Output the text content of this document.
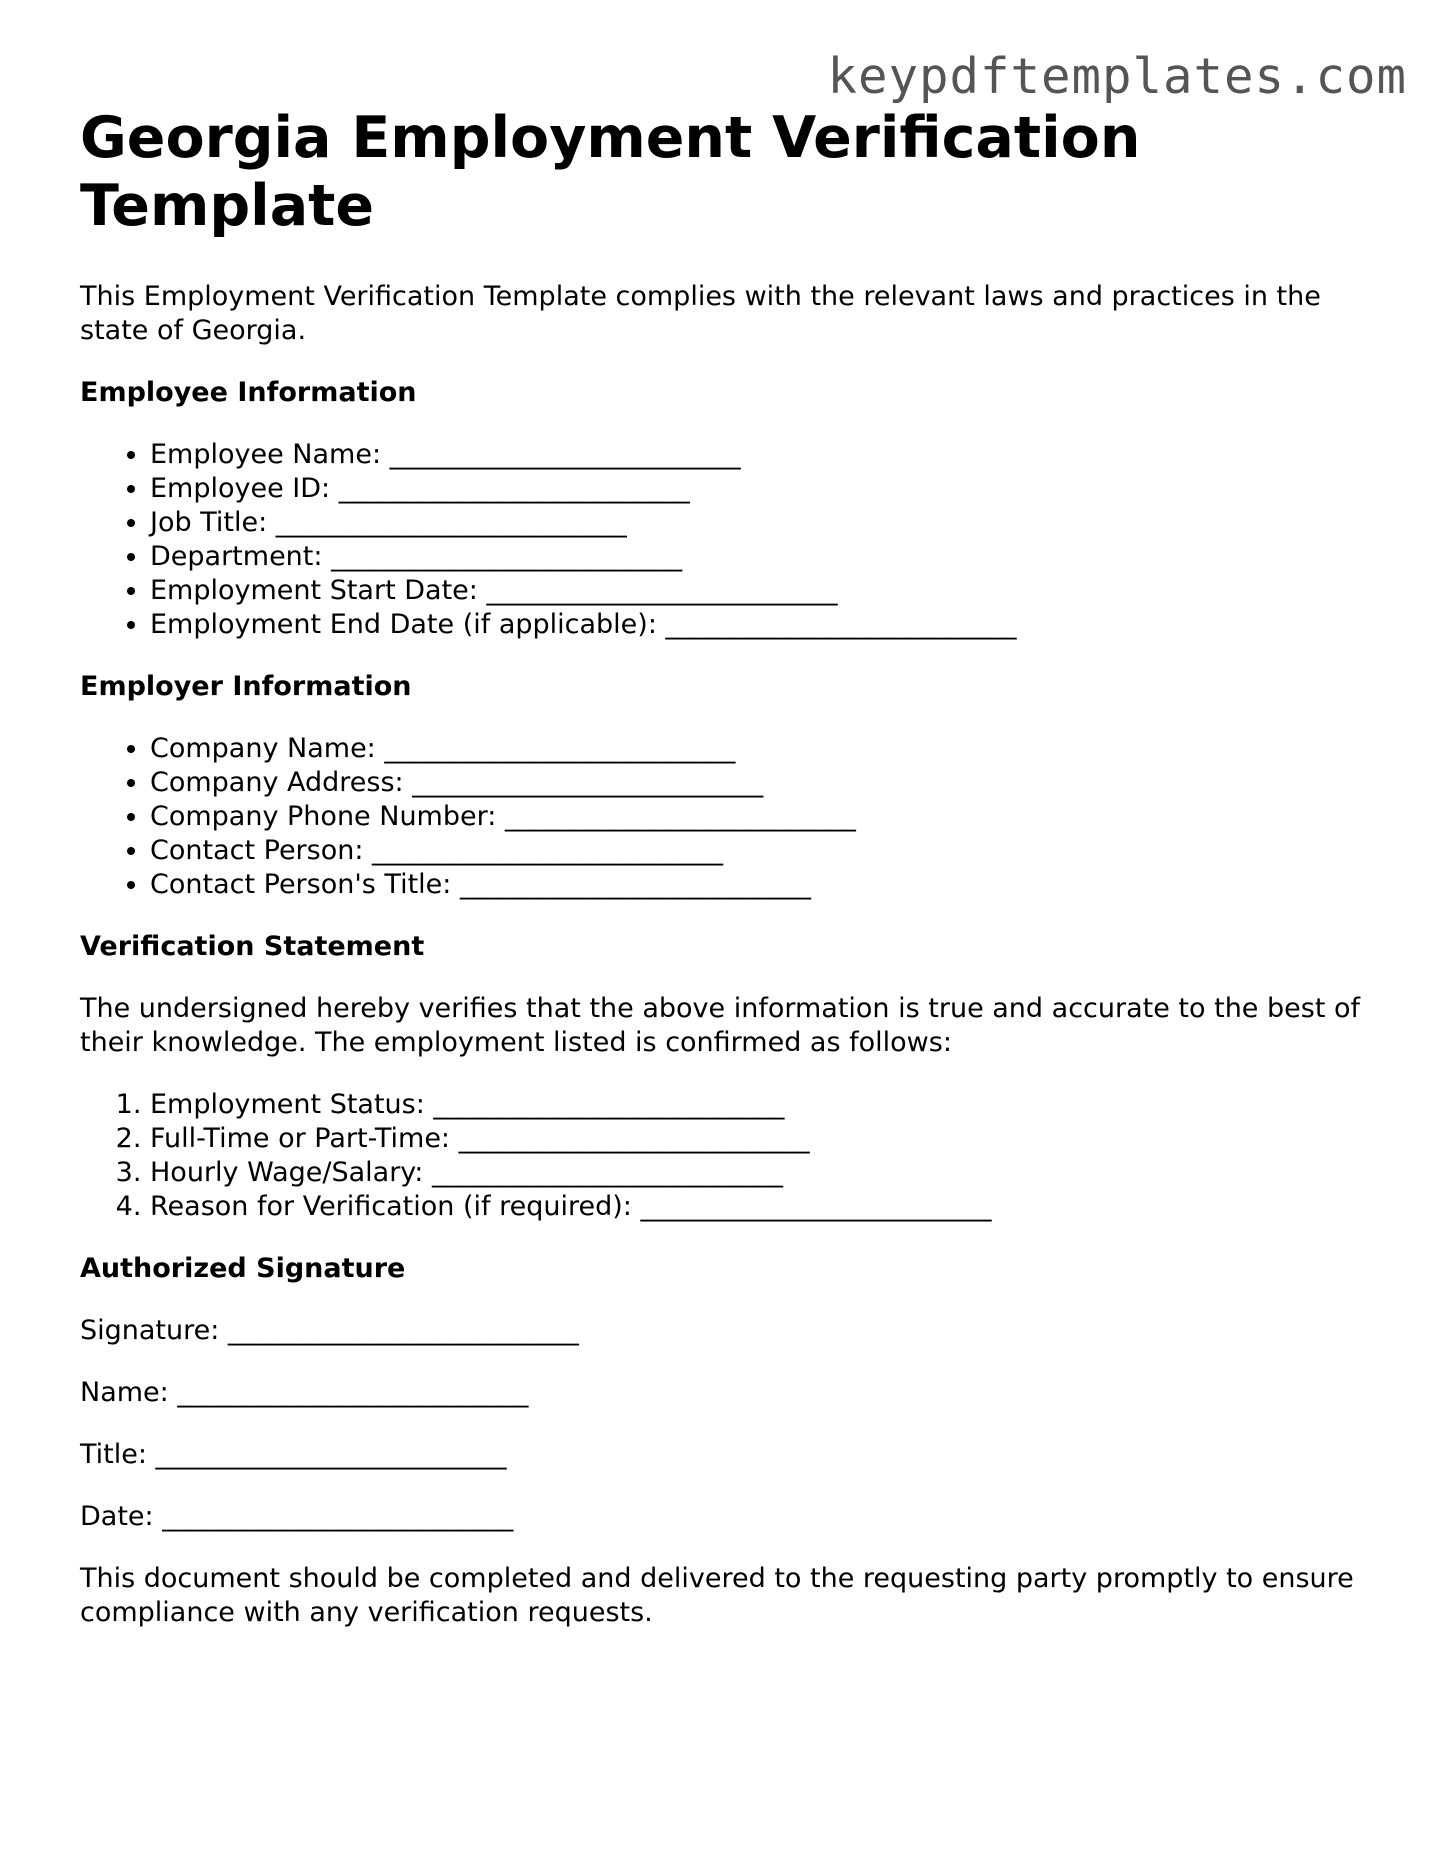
keypdftemplates.com
Georgia Employment Verification Template

This Employment Verification Template complies with the relevant laws and practices in the state of Georgia.

Employee Information
• Employee Name: __________________________
• Employee ID: __________________________
• Job Title: __________________________
• Department: __________________________
• Employment Start Date: __________________________
• Employment End Date (if applicable): __________________________
Employer Information
• Company Name: __________________________
• Company Address: __________________________
• Company Phone Number: __________________________
• Contact Person: __________________________
• Contact Person's Title: __________________________
Verification Statement

The undersigned hereby verifies that the above information is true and accurate to the best of their knowledge. The employment listed is confirmed as follows:

1. Employment Status: __________________________
2. Full-Time or Part-Time: __________________________
3. Hourly Wage/Salary: __________________________
4. Reason for Verification (if required): __________________________
Authorized Signature

Signature: __________________________

Name: __________________________

Title: __________________________

Date: __________________________

This document should be completed and delivered to the requesting party promptly to ensure compliance with any verification requests.
